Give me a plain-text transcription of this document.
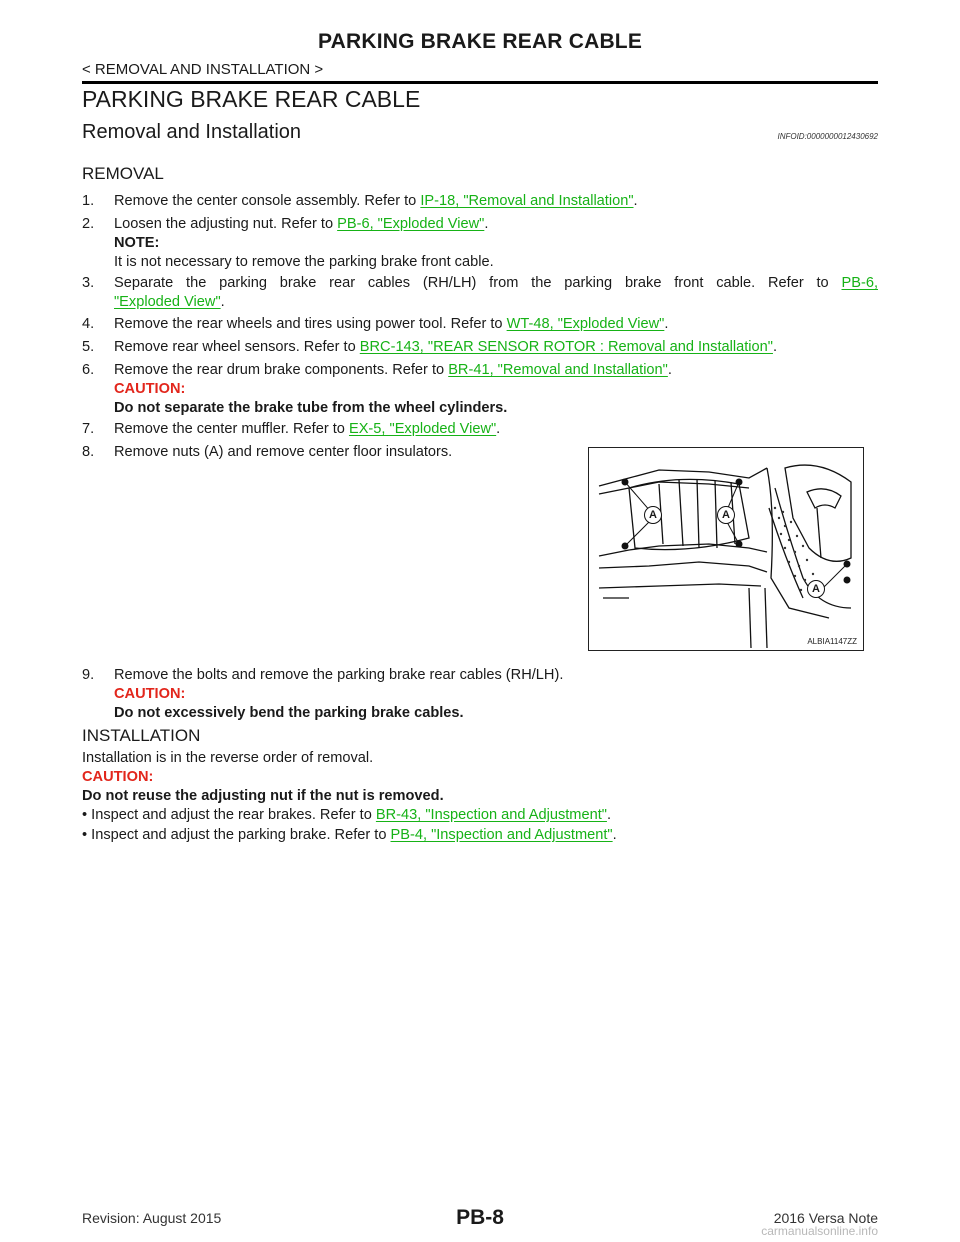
PARKING BRAKE REAR CABLE
< REMOVAL AND INSTALLATION >
PARKING BRAKE REAR CABLE
Removal and Installation	INFOID:0000000012430692
REMOVAL
1. Remove the center console assembly. Refer to IP-18, "Removal and Installation".
2. Loosen the adjusting nut. Refer to PB-6, "Exploded View".
NOTE:
It is not necessary to remove the parking brake front cable.
3.	Separate the parking brake rear cables (RH/LH) from the parking brake front cable. Refer to PB-6,
"Exploded View".
4. Remove the rear wheels and tires using power tool. Refer to WT-48, "Exploded View".
5. Remove rear wheel sensors. Refer to BRC-143, "REAR SENSOR ROTOR : Removal and Installation".
6. Remove the rear drum brake components. Refer to BR-41, "Removal and Installation".
CAUTION:
Do not separate the brake tube from the wheel cylinders.
7. Remove the center muffler. Refer to EX-5, "Exploded View".
8. Remove nuts (A) and remove center floor insulators.
A	A
A
ALBIA1147ZZ
9. Remove the bolts and remove the parking brake rear cables (RH/LH).
CAUTION:
Do not excessively bend the parking brake cables.
INSTALLATION
Installation is in the reverse order of removal.
CAUTION:
Do not reuse the adjusting nut if the nut is removed.
• Inspect and adjust the rear brakes. Refer to BR-43, "Inspection and Adjustment".
• Inspect and adjust the parking brake. Refer to PB-4, "Inspection and Adjustment".
Revision: August 2015	PB-8	2016 Versa Note
carmanualsonline.info
